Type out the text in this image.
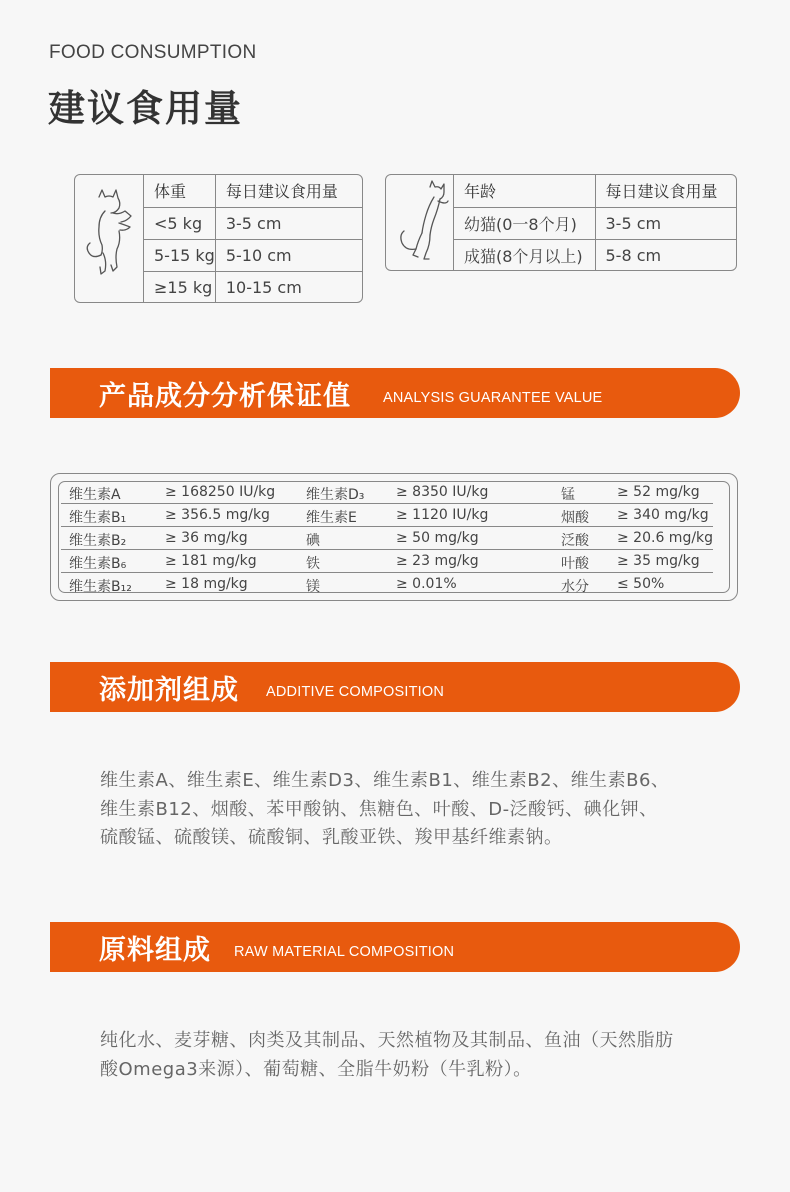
FOOD CONSUMPTION
建议食用量
体重	每日建议食用量
<5 kg	3-5 cm
5-15 kg	5-10 cm
≥15 kg	10-15 cm
年龄	每日建议食用量
幼猫(0一8个月)	3-5 cm
成猫(8个月以上)	5-8 cm
产品成分分析保证值 ANALYSIS GUARANTEE VALUE
维生素A	≥ 168250 IU/kg 维生素D₃ ≥ 8350 IU/kg	锰	≥ 52 mg/kg
维生素B₁	≥ 356.5 mg/kg	维生素E	≥ 1120 IU/kg	烟酸 ≥ 340 mg/kg
维生素B₂	≥ 36 mg/kg	碘	≥ 50 mg/kg	泛酸 ≥ 20.6 mg/kg
维生素B₆	≥ 181 mg/kg	铁	≥ 23 mg/kg	叶酸 ≥ 35 mg/kg
维生素B₁₂ ≥ 18 mg/kg	镁	≥ 0.01%	水分 ≤ 50%
添加剂组成 ADDITIVE COMPOSITION
维生素A、维生素E、维生素D3、维生素B1、维生素B2、维生素B6、
维生素B12、烟酸、苯甲酸钠、焦糖色、叶酸、D-泛酸钙、碘化钾、
硫酸锰、硫酸镁、硫酸铜、乳酸亚铁、羧甲基纤维素钠。
原料组成 RAW MATERIAL COMPOSITION
纯化水、麦芽糖、肉类及其制品、天然植物及其制品、鱼油（天然脂肪
酸Omega3来源）、葡萄糖、全脂牛奶粉（牛乳粉）。
